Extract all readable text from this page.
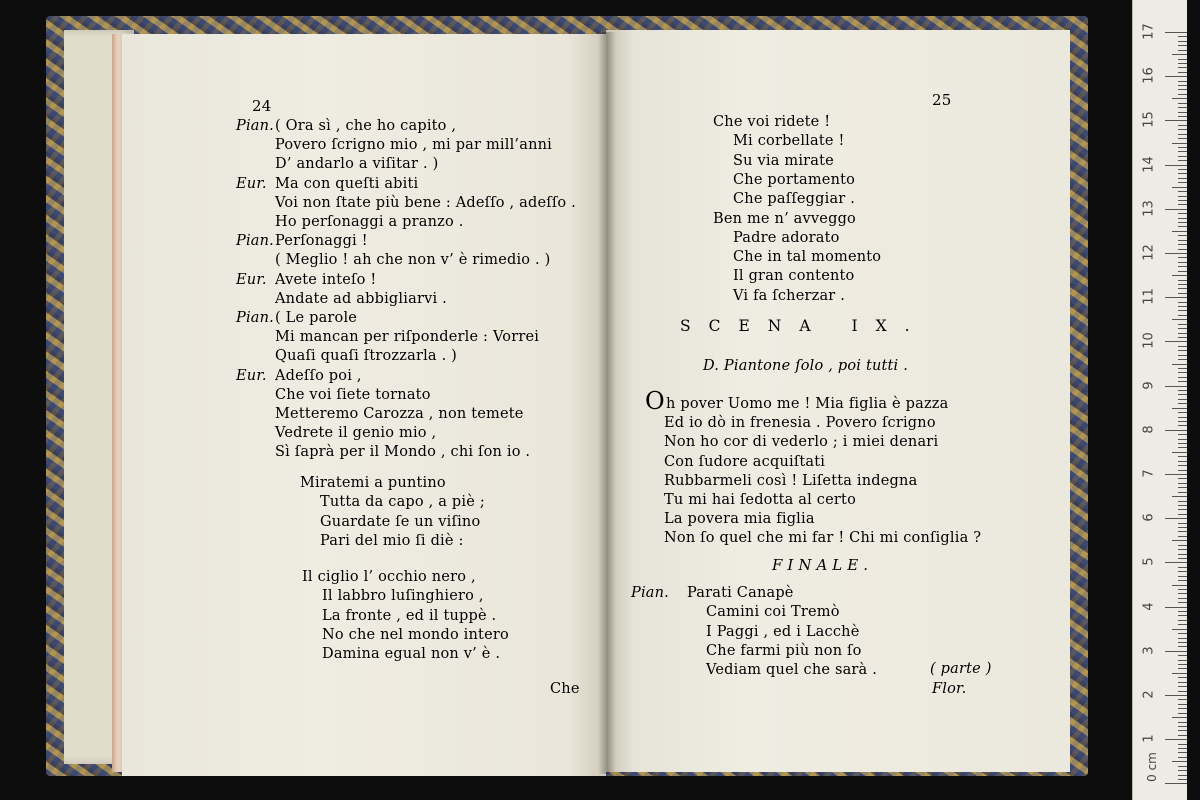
24
Pian. ( Ora sì , che ho capito ,
Povero ſcrigno mio , mi par mill’anni
D’ andarlo a viſitar . )
Eur. Ma con queſti abiti
Voi non ſtate più bene : Adeſſo , adeſſo .
Ho perſonaggi a pranzo .
Pian. Perſonaggi !
( Meglio ! ah che non v’ è rimedio . )
Eur. Avete inteſo !
Andate ad abbigliarvi .
Pian. ( Le parole
Mi mancan per riſponderle : Vorrei
Quaſi quaſi ſtrozzarla . )
Eur. Adeſſo poi ,
Che voi ſiete tornato
Metteremo Carozza , non temete
Vedrete il genio mio ,
Sì ſaprà per il Mondo , chi ſon io .
Miratemi a puntino
Tutta da capo , a piè ;
Guardate ſe un viſino
Pari del mio ſi diè :
Il ciglio l’ occhio nero ,
Il labbro luſinghiero ,
La fronte , ed il tuppè .
No che nel mondo intero
Damina egual non v’ è .
Che
25
Che voi ridete !
Mi corbellate !
Su via mirate
Che portamento
Che paſſeggiar .
Ben me n’ avveggo
Padre adorato
Che in tal momento
Il gran contento
Vi fa ſcherzar .
SCENA IX.
D. Piantone ſolo , poi tutti .
O h pover Uomo me ! Mia figlia è pazza
Ed io dò in frenesia . Povero ſcrigno
Non ho cor di vederlo ; i miei denari
Con ſudore acquiſtati
Rubbarmeli così ! Liſetta indegna
Tu mi hai ſedotta al certo
La povera mia figlia
Non ſo quel che mi far ! Chi mi conſiglia ?
FINALE.
Pian. Parati Canapè
Camini coi Tremò
I Paggi , ed i Lacchè
Che farmi più non ſo
Vediam quel che sarà .	( parte )
Flor.
17
16
15
14
13
12
11
10
9
8
7
6
5
4
3
2
1
0 cm
